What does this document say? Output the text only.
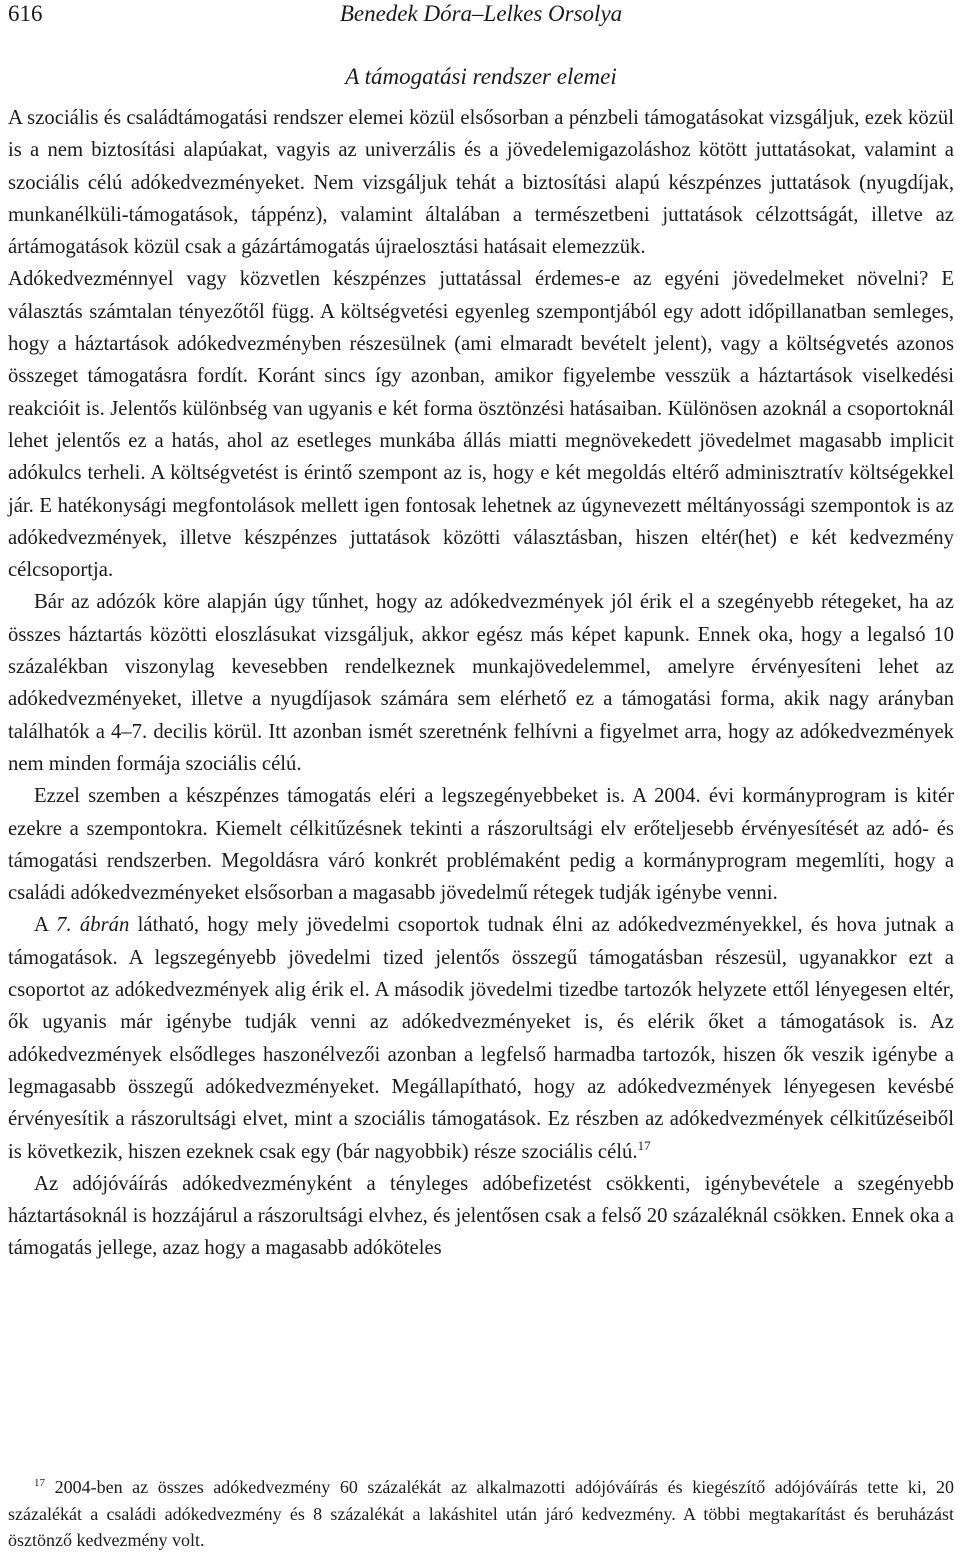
616	Benedek Dóra–Lelkes Orsolya
A támogatási rendszer elemei

A szociális és családtámogatási rendszer elemei közül elsősorban a pénzbeli támogatásokat vizsgáljuk, ezek közül is a nem biztosítási alapúakat, vagyis az univerzális és a jövedelemigazoláshoz kötött juttatásokat, valamint a szociális célú adókedvezményeket. Nem vizsgáljuk tehát a biztosítási alapú készpénzes juttatások (nyugdíjak, munkanélküli-támogatások, táppénz), valamint általában a természetbeni juttatások célzottságát, illetve az ártámogatások közül csak a gázártámogatás újraelosztási hatásait elemezzük.

Adókedvezménnyel vagy közvetlen készpénzes juttatással érdemes-e az egyéni jövedelmeket növelni? E választás számtalan tényezőtől függ. A költségvetési egyenleg szempontjából egy adott időpillanatban semleges, hogy a háztartások adókedvezményben részesülnek (ami elmaradt bevételt jelent), vagy a költségvetés azonos összeget támogatásra fordít. Koránt sincs így azonban, amikor figyelembe vesszük a háztartások viselkedési reakcióit is. Jelentős különbség van ugyanis e két forma ösztönzési hatásaiban. Különösen azoknál a csoportoknál lehet jelentős ez a hatás, ahol az esetleges munkába állás miatti megnövekedett jövedelmet magasabb implicit adókulcs terheli. A költségvetést is érintő szempont az is, hogy e két megoldás eltérő adminisztratív költségekkel jár. E hatékonysági megfontolások mellett igen fontosak lehetnek az úgynevezett méltányossági szempontok is az adókedvezmények, illetve készpénzes juttatások közötti választásban, hiszen eltér(het) e két kedvezmény célcsoportja.

Bár az adózók köre alapján úgy tűnhet, hogy az adókedvezmények jól érik el a szegényebb rétegeket, ha az összes háztartás közötti eloszlásukat vizsgáljuk, akkor egész más képet kapunk. Ennek oka, hogy a legalsó 10 százalékban viszonylag kevesebben rendelkeznek munkajövedelemmel, amelyre érvényesíteni lehet az adókedvezményeket, illetve a nyugdíjasok számára sem elérhető ez a támogatási forma, akik nagy arányban találhatók a 4–7. decilis körül. Itt azonban ismét szeretnénk felhívni a figyelmet arra, hogy az adókedvezmények nem minden formája szociális célú.

Ezzel szemben a készpénzes támogatás eléri a legszegényebbeket is. A 2004. évi kormányprogram is kitér ezekre a szempontokra. Kiemelt célkitűzésnek tekinti a rászorultsági elv erőteljesebb érvényesítését az adó- és támogatási rendszerben. Megoldásra váró konkrét problémaként pedig a kormányprogram megemlíti, hogy a családi adókedvezményeket elsősorban a magasabb jövedelmű rétegek tudják igénybe venni.

A 7. ábrán látható, hogy mely jövedelmi csoportok tudnak élni az adókedvezményekkel, és hova jutnak a támogatások. A legszegényebb jövedelmi tized jelentős összegű támogatásban részesül, ugyanakkor ezt a csoportot az adókedvezmények alig érik el. A második jövedelmi tizedbe tartozók helyzete ettől lényegesen eltér, ők ugyanis már igénybe tudják venni az adókedvezményeket is, és elérik őket a támogatások is. Az adókedvezmények elsődleges haszonélvezői azonban a legfelső harmadba tartozók, hiszen ők veszik igénybe a legmagasabb összegű adókedvezményeket. Megállapítható, hogy az adókedvezmények lényegesen kevésbé érvényesítik a rászorultsági elvet, mint a szociális támogatások. Ez részben az adókedvezmények célkitűzéseiből is következik, hiszen ezeknek csak egy (bár nagyobbik) része szociális célú.$^{17}$

Az adójóváírás adókedvezményként a tényleges adóbefizetést csökkenti, igénybevétele a szegényebb háztartásoknál is hozzájárul a rászorultsági elvhez, és jelentősen csak a felső 20 százaléknál csökken. Ennek oka a támogatás jellege, azaz hogy a magasabb adóköteles

$^{17}$ 2004-ben az összes adókedvezmény 60 százalékát az alkalmazotti adójóváírás és kiegészítő adójóváírás tette ki, 20 százalékát a családi adókedvezmény és 8 százalékát a lakáshitel után járó kedvezmény. A többi megtakarítást és beruházást ösztönző kedvezmény volt.
